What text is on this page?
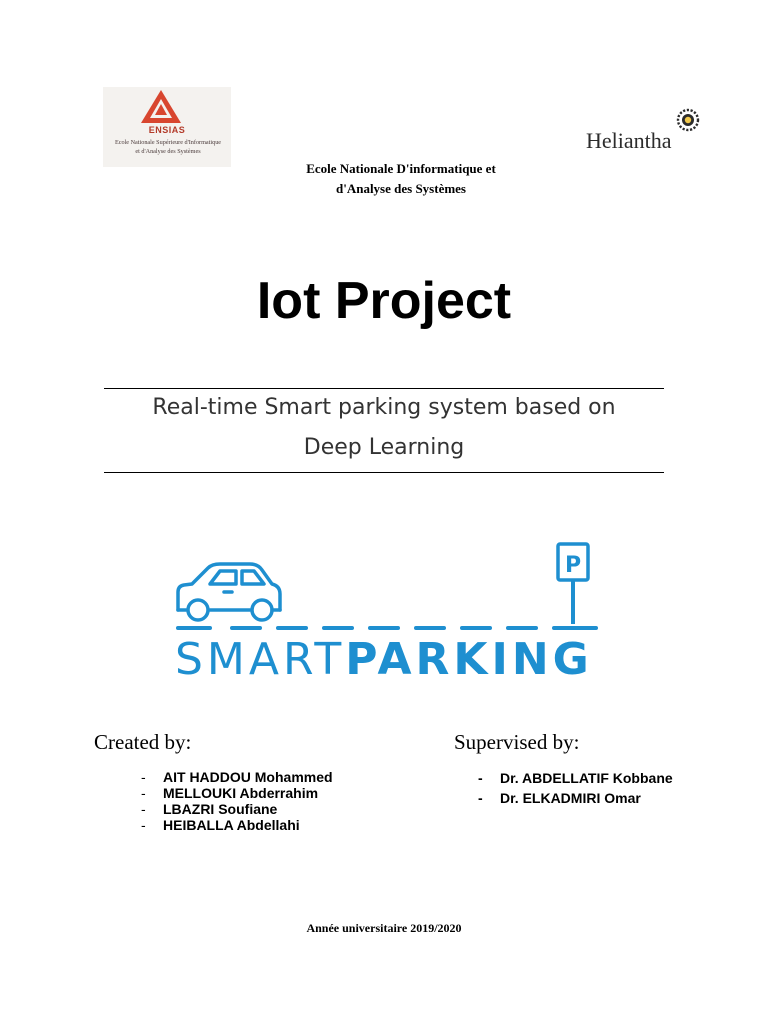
ENSIAS
Ecole Nationale Supérieure d'Informatique
et d'Analyse des Systèmes	Heliantha
Ecole Nationale D'informatique et
d'Analyse des Systèmes
Iot Project
Real-time Smart parking system based on
Deep Learning
P
SMARTPARKING
Created by:
- AIT HADDOU Mohammed
- MELLOUKI Abderrahim
- LBAZRI Soufiane
- HEIBALLA Abdellahi
Supervised by:
- Dr. ABDELLATIF Kobbane
- Dr. ELKADMIRI Omar
Année universitaire 2019/2020
